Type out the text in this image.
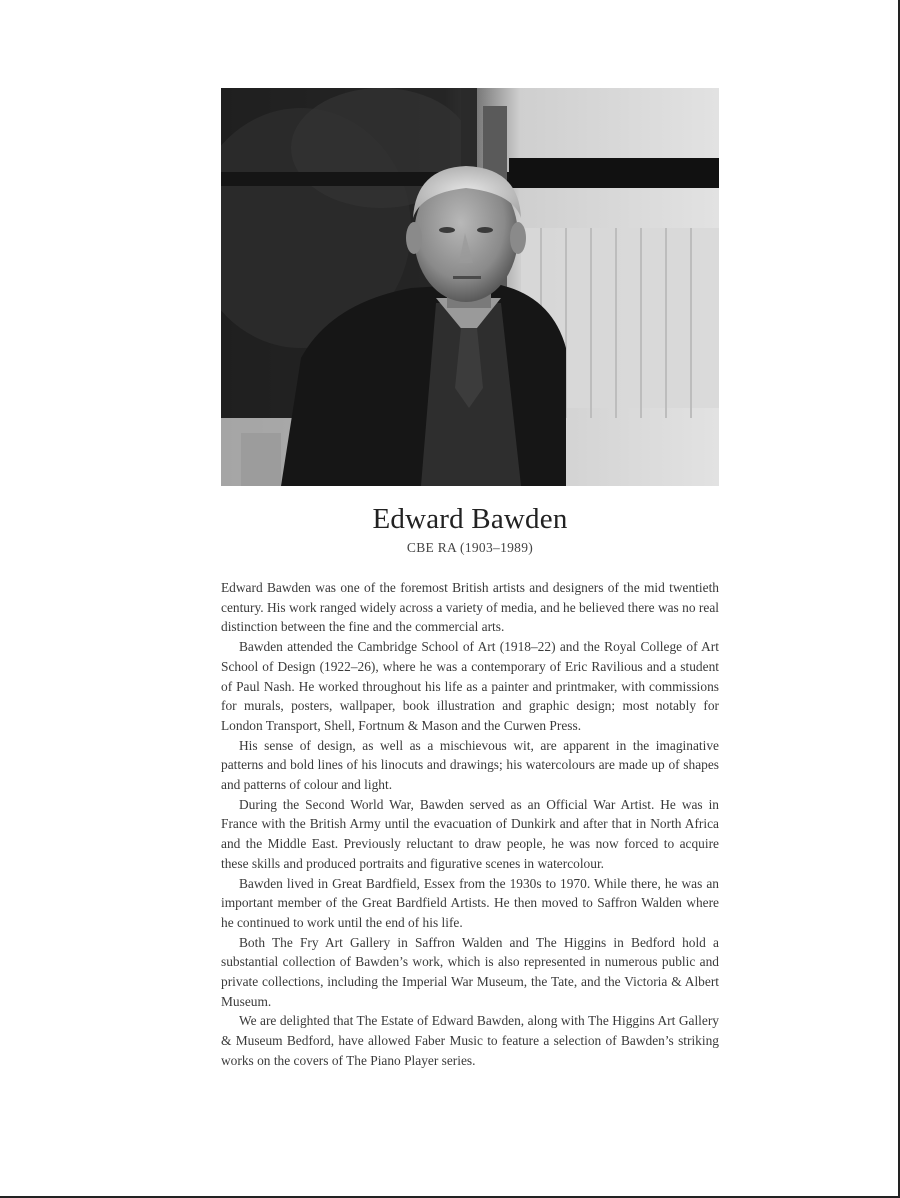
Edward Bawden
CBE RA (1903–1989)

Edward Bawden was one of the foremost British artists and designers of the mid twentieth century. His work ranged widely across a variety of media, and he believed there was no real distinction between the fine and the commercial arts.

Bawden attended the Cambridge School of Art (1918–22) and the Royal College of Art School of Design (1922–26), where he was a contemporary of Eric Ravilious and a student of Paul Nash. He worked throughout his life as a painter and printmaker, with commissions for murals, posters, wallpaper, book illustration and graphic design; most notably for London Transport, Shell, Fortnum & Mason and the Curwen Press.

His sense of design, as well as a mischievous wit, are apparent in the imaginative patterns and bold lines of his linocuts and drawings; his watercolours are made up of shapes and patterns of colour and light.

During the Second World War, Bawden served as an Official War Artist. He was in France with the British Army until the evacuation of Dunkirk and after that in North Africa and the Middle East. Previously reluctant to draw people, he was now forced to acquire these skills and produced portraits and figurative scenes in watercolour.

Bawden lived in Great Bardfield, Essex from the 1930s to 1970. While there, he was an important member of the Great Bardfield Artists. He then moved to Saffron Walden where he continued to work until the end of his life.

Both The Fry Art Gallery in Saffron Walden and The Higgins in Bedford hold a substantial collection of Bawden’s work, which is also represented in numerous public and private collections, including the Imperial War Museum, the Tate, and the Victoria & Albert Museum.

We are delighted that The Estate of Edward Bawden, along with The Higgins Art Gallery & Museum Bedford, have allowed Faber Music to feature a selection of Bawden’s striking works on the covers of The Piano Player series.
